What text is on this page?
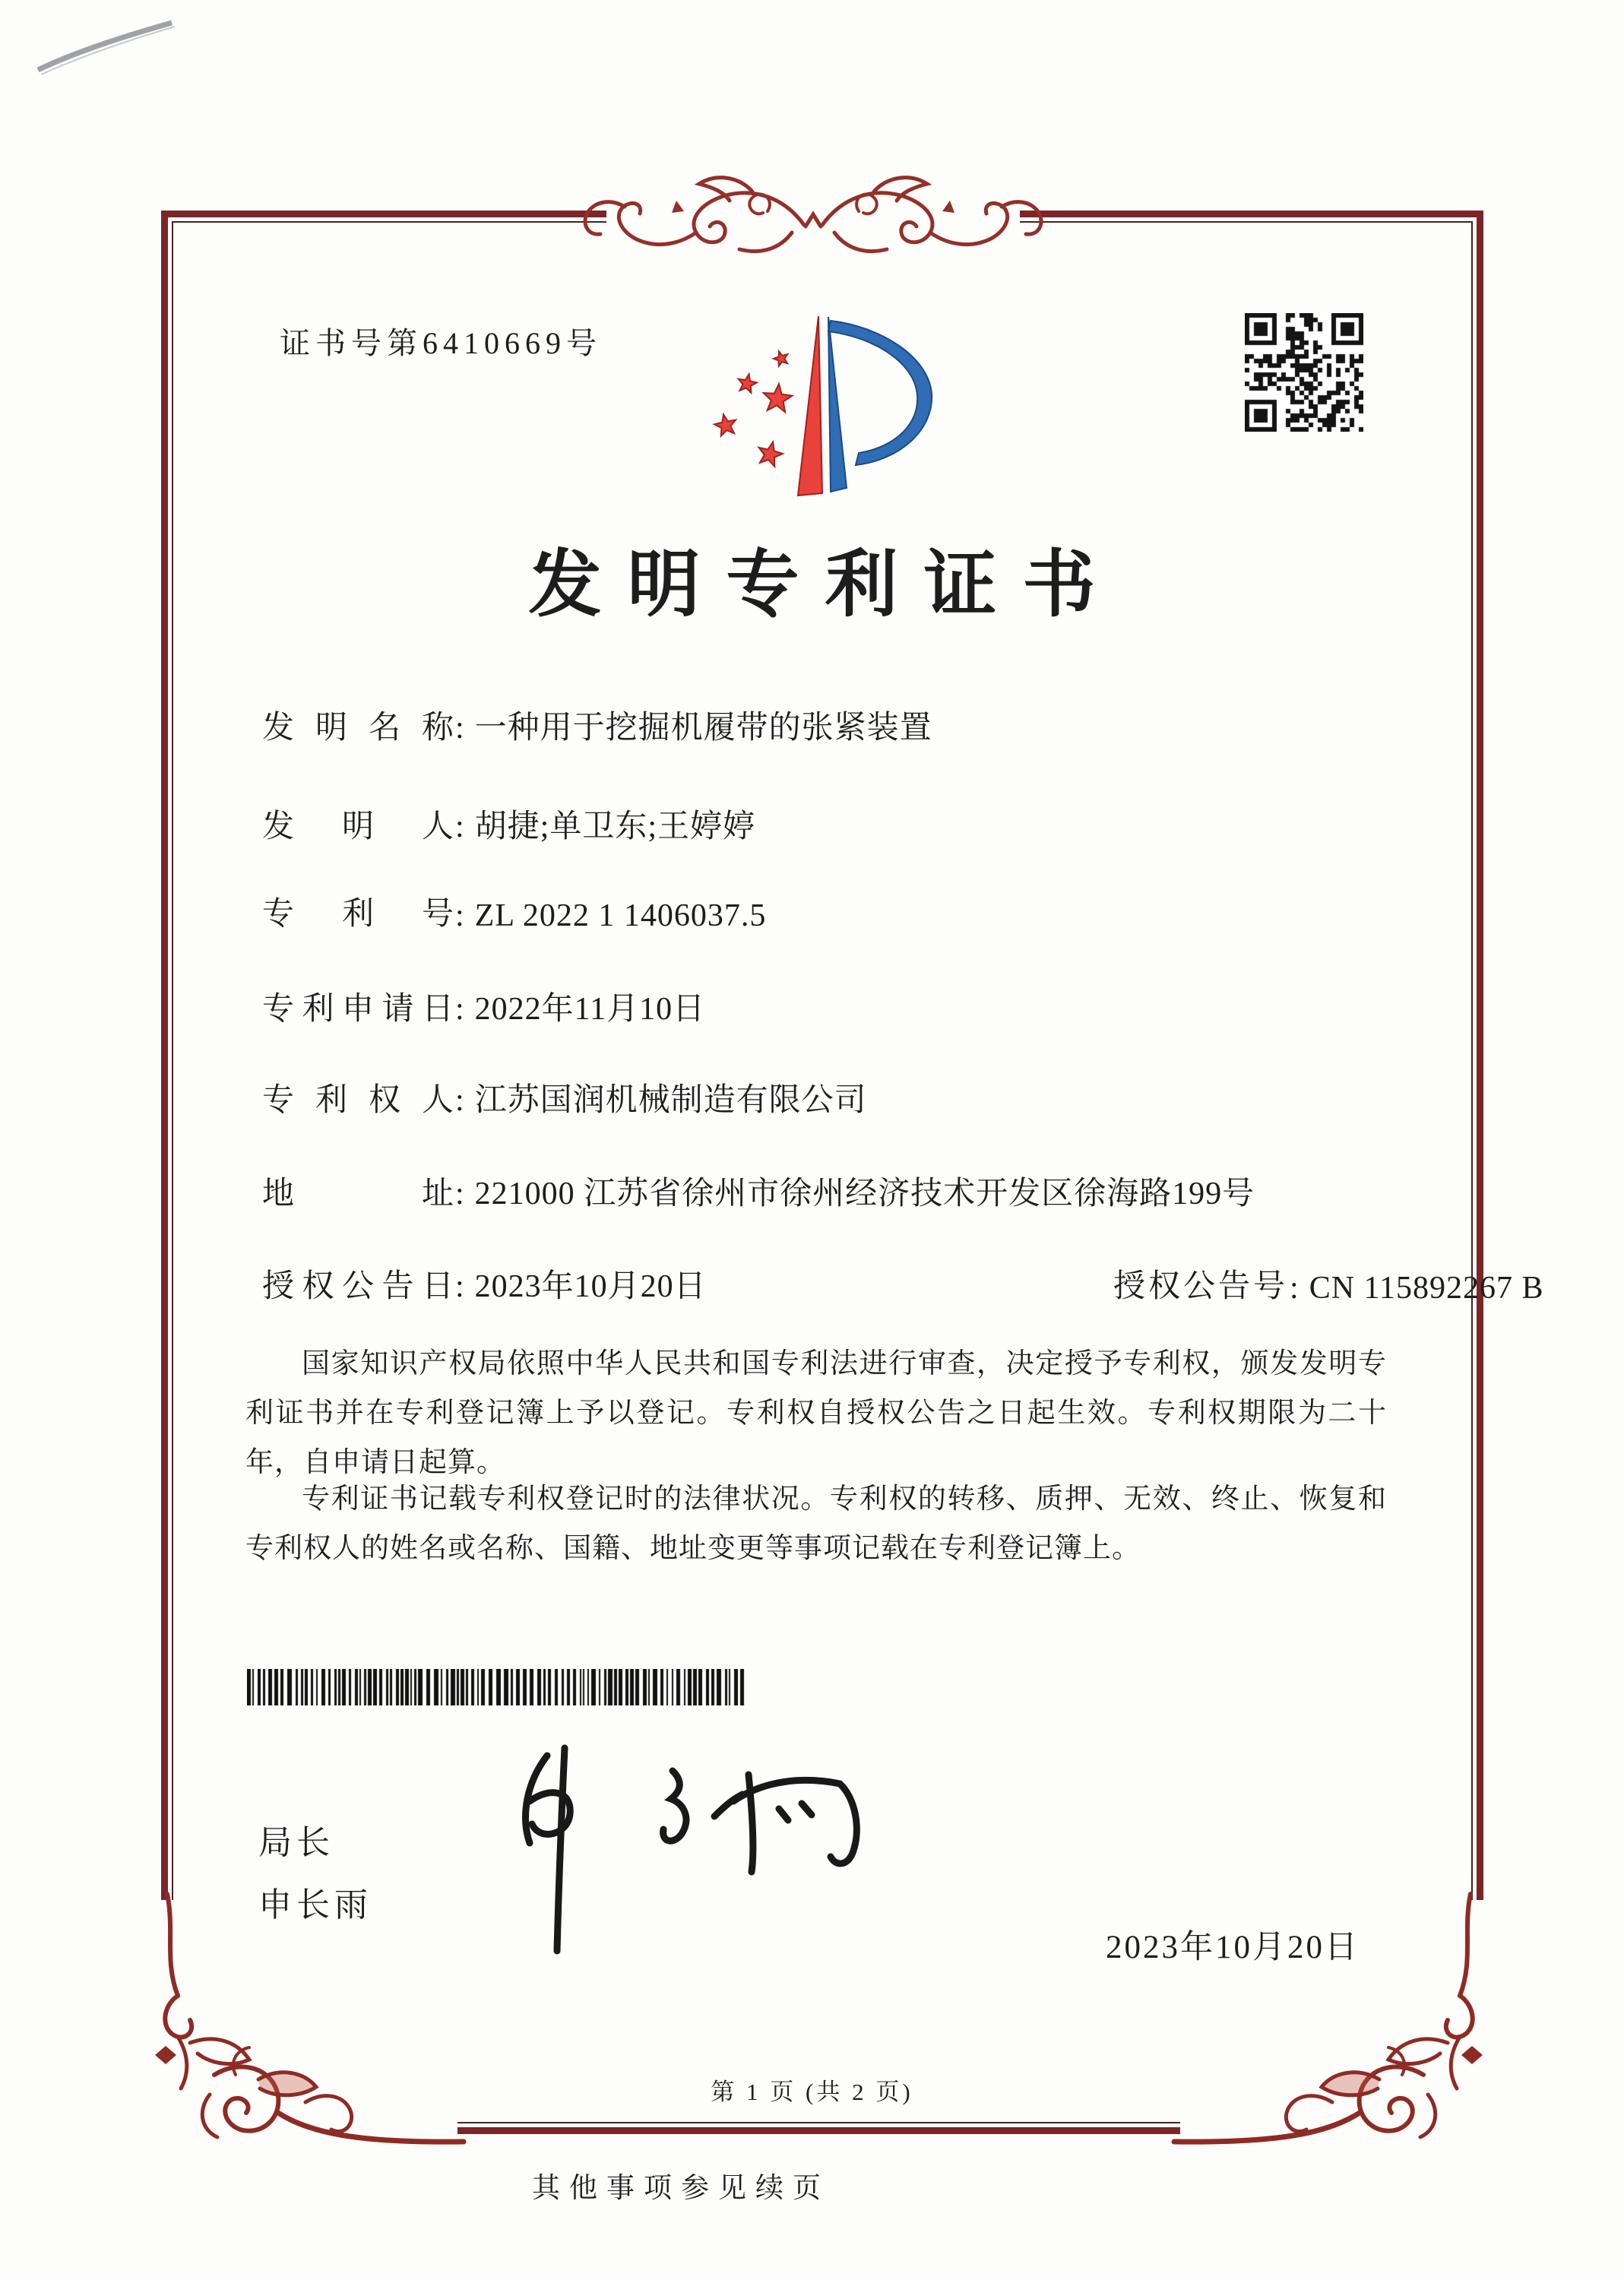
证书号第6410669号
发明专利证书
发明名称: 一种用于挖掘机履带的张紧装置
发明人: 胡捷;单卫东;王婷婷
专利号: ZL 2022 1 1406037.5
专利申请日: 2022年11月10日
专利权人: 江苏国润机械制造有限公司
地址: 221000 江苏省徐州市徐州经济技术开发区徐海路199号
授权公告日: 2023年10月20日	授权公告号: CN 115892267 B

国家知识产权局依照中华人民共和国专利法进行审查，决定授予专利权，颁发发明专利证书并在专利登记簿上予以登记。专利权自授权公告之日起生效。专利权期限为二十年，自申请日起算。

专利证书记载专利权登记时的法律状况。专利权的转移、质押、无效、终止、恢复和专利权人的姓名或名称、国籍、地址变更等事项记载在专利登记簿上。

局长
申长雨
2023年10月20日
第 1 页 (共 2 页)
其他事项参见续页
